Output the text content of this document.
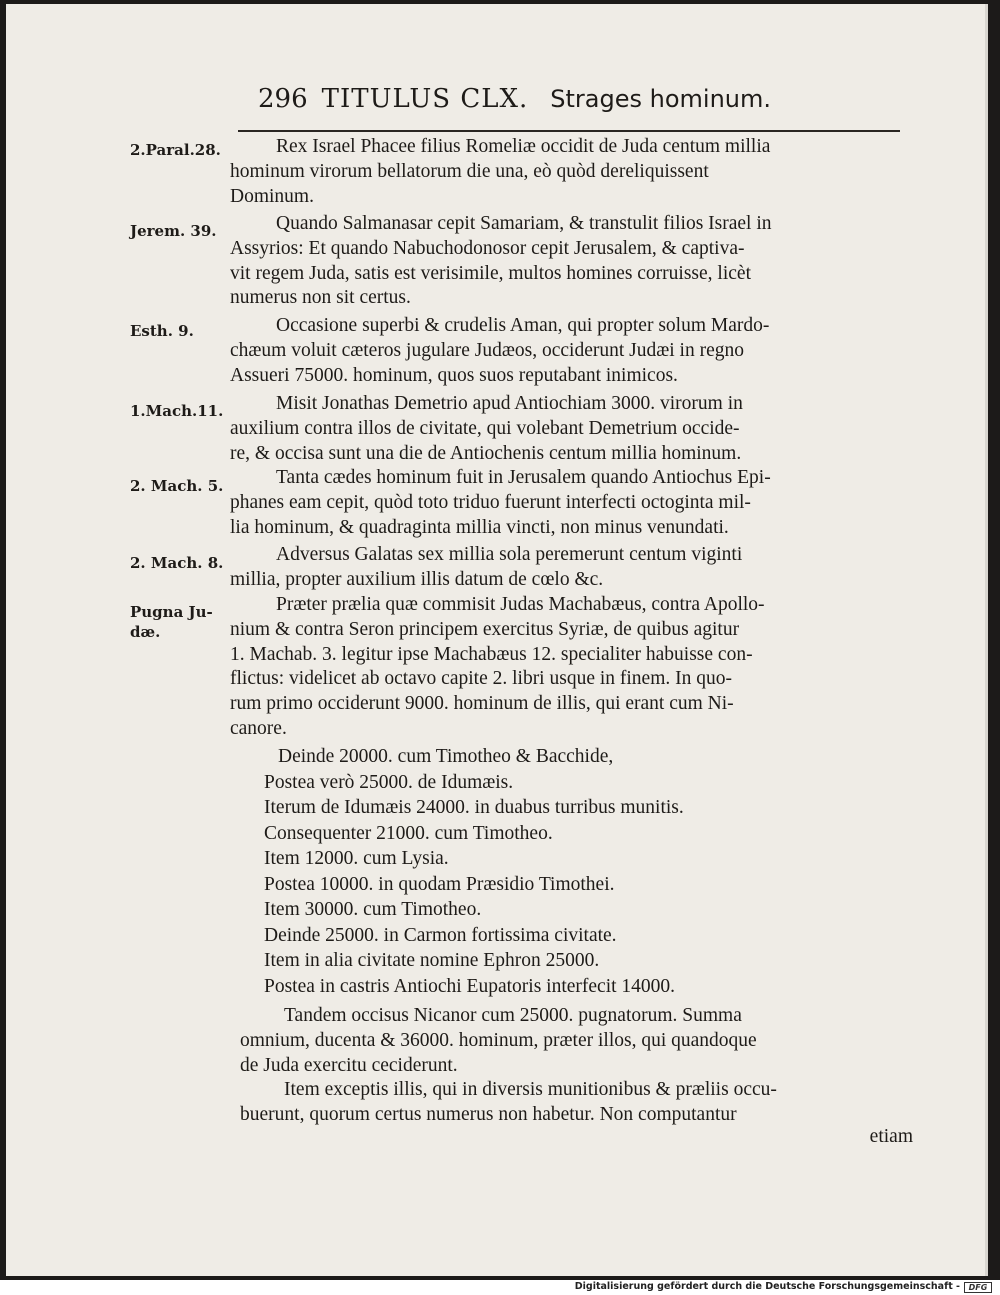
296 TITULUS CLX. Strages hominum.
2.Paral.28.
Jerem. 39.
Esth. 9.
1.Mach.11.
2. Mach. 5.
2. Mach. 8.
Pugna Ju-
dæ.
Rex Israel Phacee filius Romeliæ occidit de Juda centum millia
hominum virorum bellatorum die una, eò quòd dereliquissent
Dominum.
Quando Salmanasar cepit Samariam, & transtulit filios Israel in
Assyrios: Et quando Nabuchodonosor cepit Jerusalem, & captiva-
vit regem Juda, satis est verisimile, multos homines corruisse, licèt
numerus non sit certus.
Occasione superbi & crudelis Aman, qui propter solum Mardo-
chæum voluit cæteros jugulare Judæos, occiderunt Judæi in regno
Assueri 75000. hominum, quos suos reputabant inimicos.
Misit Jonathas Demetrio apud Antiochiam 3000. virorum in
auxilium contra illos de civitate, qui volebant Demetrium occide-
re, & occisa sunt una die de Antiochenis centum millia hominum.
Tanta cædes hominum fuit in Jerusalem quando Antiochus Epi-
phanes eam cepit, quòd toto triduo fuerunt interfecti octoginta mil-
lia hominum, & quadraginta millia vincti, non minus venundati.
Adversus Galatas sex millia sola peremerunt centum viginti
millia, propter auxilium illis datum de cœlo &c.
Præter prælia quæ commisit Judas Machabæus, contra Apollo-
nium & contra Seron principem exercitus Syriæ, de quibus agitur
1. Machab. 3. legitur ipse Machabæus 12. specialiter habuisse con-
flictus: videlicet ab octavo capite 2. libri usque in finem. In quo-
rum primo occiderunt 9000. hominum de illis, qui erant cum Ni-
canore.
Deinde 20000. cum Timotheo & Bacchide,
Postea verò 25000. de Idumæis.
Iterum de Idumæis 24000. in duabus turribus munitis.
Consequenter 21000. cum Timotheo.
Item 12000. cum Lysia.
Postea 10000. in quodam Præsidio Timothei.
Item 30000. cum Timotheo.
Deinde 25000. in Carmon fortissima civitate.
Item in alia civitate nomine Ephron 25000.
Postea in castris Antiochi Eupatoris interfecit 14000.
Tandem occisus Nicanor cum 25000. pugnatorum. Summa
omnium, ducenta & 36000. hominum, præter illos, qui quandoque
de Juda exercitu ceciderunt.
Item exceptis illis, qui in diversis munitionibus & præliis occu-
buerunt, quorum certus numerus non habetur. Non computantur
etiam
Digitalisierung gefördert durch die Deutsche Forschungsgemeinschaft -	DFG
